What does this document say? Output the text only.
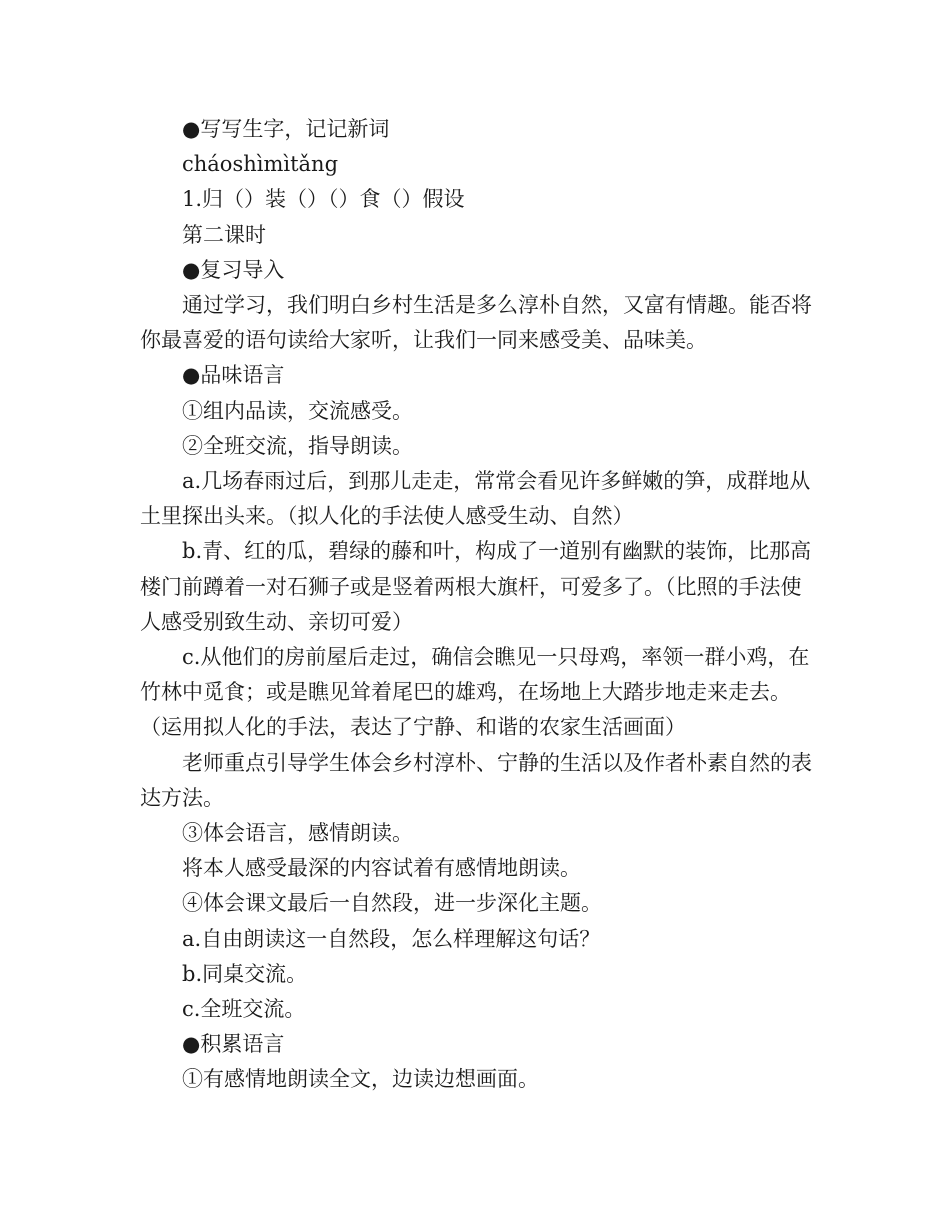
●写写生字，记记新词

cháoshìmìtǎng

1.归（）装（）（）食（）假设

第二课时

●复习导入

通过学习，我们明白乡村生活是多么淳朴自然，又富有情趣。能否将你最喜爱的语句读给大家听，让我们一同来感受美、品味美。

●品味语言

①组内品读，交流感受。

②全班交流，指导朗读。

a.几场春雨过后，到那儿走走，常常会看见许多鲜嫩的笋，成群地从土里探出头来。（拟人化的手法使人感受生动、自然）

b.青、红的瓜，碧绿的藤和叶，构成了一道别有幽默的装饰，比那高楼门前蹲着一对石狮子或是竖着两根大旗杆，可爱多了。（比照的手法使人感受别致生动、亲切可爱）

c.从他们的房前屋后走过，确信会瞧见一只母鸡，率领一群小鸡，在竹林中觅食；或是瞧见耸着尾巴的雄鸡，在场地上大踏步地走来走去。（运用拟人化的手法，表达了宁静、和谐的农家生活画面）

老师重点引导学生体会乡村淳朴、宁静的生活以及作者朴素自然的表达方法。

③体会语言，感情朗读。

将本人感受最深的内容试着有感情地朗读。

④体会课文最后一自然段，进一步深化主题。

a.自由朗读这一自然段，怎么样理解这句话？

b.同桌交流。

c.全班交流。

●积累语言

①有感情地朗读全文，边读边想画面。
